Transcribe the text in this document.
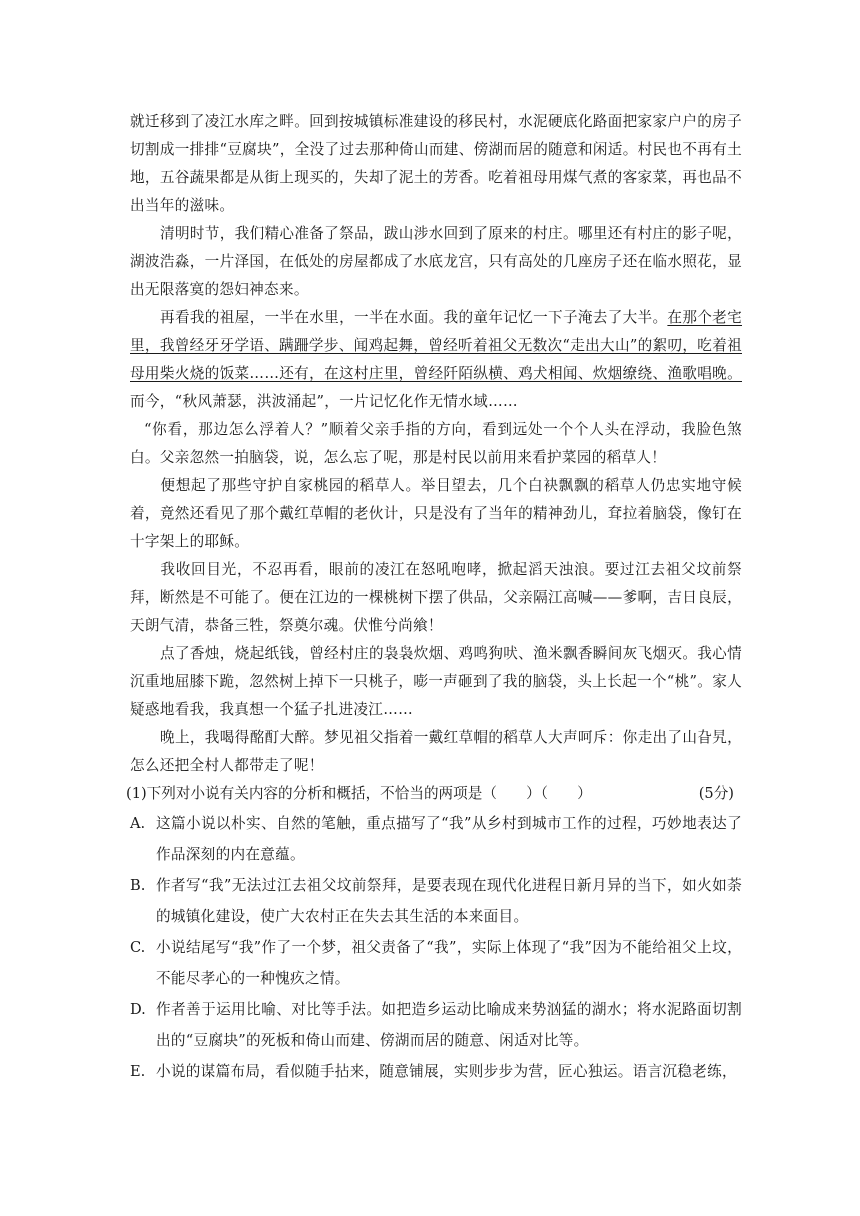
就迁移到了凌江水库之畔。回到按城镇标准建设的移民村，水泥硬底化路面把家家户户的房子切割成一排排“豆腐块”，全没了过去那种倚山而建、傍湖而居的随意和闲适。村民也不再有土地，五谷蔬果都是从街上现买的，失却了泥土的芳香。吃着祖母用煤气煮的客家菜，再也品不出当年的滋味。

清明时节，我们精心准备了祭品，跋山涉水回到了原来的村庄。哪里还有村庄的影子呢，湖波浩淼，一片泽国，在低处的房屋都成了水底龙宫，只有高处的几座房子还在临水照花，显出无限落寞的怨妇神态来。

再看我的祖屋，一半在水里，一半在水面。我的童年记忆一下子淹去了大半。在那个老宅里，我曾经牙牙学语、蹒跚学步、闻鸡起舞，曾经听着祖父无数次“走出大山”的絮叨，吃着祖母用柴火烧的饭菜……还有，在这村庄里，曾经阡陌纵横、鸡犬相闻、炊烟缭绕、渔歌唱晚。而今，“秋风萧瑟，洪波涌起”，一片记忆化作无情水域……

“你看，那边怎么浮着人？”顺着父亲手指的方向，看到远处一个个人头在浮动，我脸色煞白。父亲忽然一拍脑袋，说，怎么忘了呢，那是村民以前用来看护菜园的稻草人！

便想起了那些守护自家桃园的稻草人。举目望去，几个白袂飘飘的稻草人仍忠实地守候着，竟然还看见了那个戴红草帽的老伙计，只是没有了当年的精神劲儿，耷拉着脑袋，像钉在十字架上的耶稣。

我收回目光，不忍再看，眼前的凌江在怒吼咆哮，掀起滔天浊浪。要过江去祖父坟前祭拜，断然是不可能了。便在江边的一棵桃树下摆了供品，父亲隔江高喊——爹啊，吉日良辰，天朗气清，恭备三牲，祭奠尔魂。伏惟兮尚飨！

点了香烛，烧起纸钱，曾经村庄的袅袅炊烟、鸡鸣狗吠、渔米飘香瞬间灰飞烟灭。我心情沉重地屈膝下跪，忽然树上掉下一只桃子，嘭一声砸到了我的脑袋，头上长起一个“桃”。家人疑惑地看我，我真想一个猛子扎进凌江……

晚上，我喝得酩酊大醉。梦见祖父指着一戴红草帽的稻草人大声呵斥：你走出了山旮旯，怎么还把全村人都带走了呢！

(1)下列对小说有关内容的分析和概括，不恰当的两项是（　　）（　　）	(5分)
A. 这篇小说以朴实、自然的笔触，重点描写了“我”从乡村到城市工作的过程，巧妙地表达了作品深刻的内在意蕴。
B. 作者写“我”无法过江去祖父坟前祭拜，是要表现在现代化进程日新月异的当下，如火如荼的城镇化建设，使广大农村正在失去其生活的本来面目。
C. 小说结尾写“我”作了一个梦，祖父责备了“我”，实际上体现了“我”因为不能给祖父上坟，不能尽孝心的一种愧疚之情。
D. 作者善于运用比喻、对比等手法。如把造乡运动比喻成来势汹猛的湖水；将水泥路面切割出的“豆腐块”的死板和倚山而建、傍湖而居的随意、闲适对比等。
E. 小说的谋篇布局，看似随手拈来，随意铺展，实则步步为营，匠心独运。语言沉稳老练，
